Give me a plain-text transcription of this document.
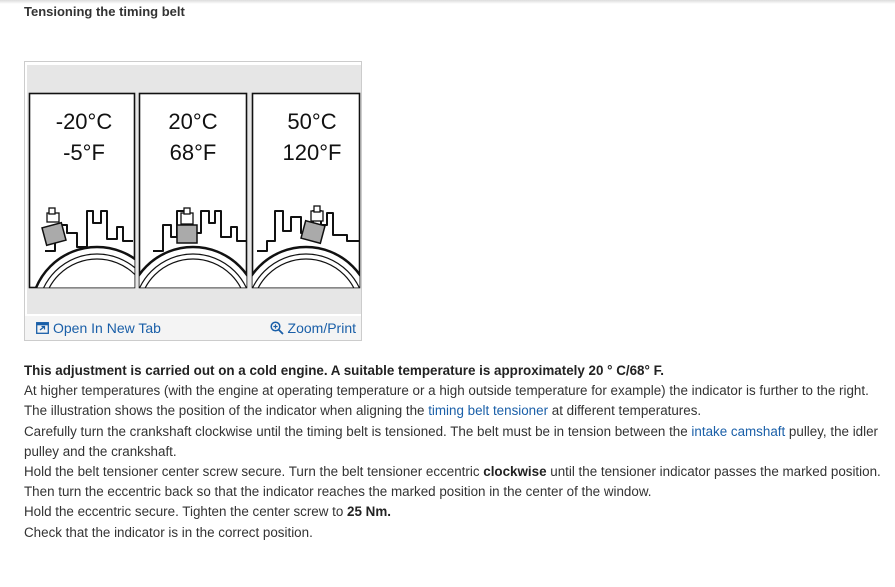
Tensioning the timing belt
-20°C
-5°F
20°C
68°F
50°C
120°F
Open In New Tab	Zoom/Print

This adjustment is carried out on a cold engine. A suitable temperature is approximately 20 ° C/68° F.

At higher temperatures (with the engine at operating temperature or a high outside temperature for example) the indicator is further to the right.

The illustration shows the position of the indicator when aligning the timing belt tensioner at different temperatures.

Carefully turn the crankshaft clockwise until the timing belt is tensioned. The belt must be in tension between the intake camshaft pulley, the idler pulley and the crankshaft.

Hold the belt tensioner center screw secure. Turn the belt tensioner eccentric clockwise until the tensioner indicator passes the marked position.

Then turn the eccentric back so that the indicator reaches the marked position in the center of the window.

Hold the eccentric secure. Tighten the center screw to 25 Nm.

Check that the indicator is in the correct position.
